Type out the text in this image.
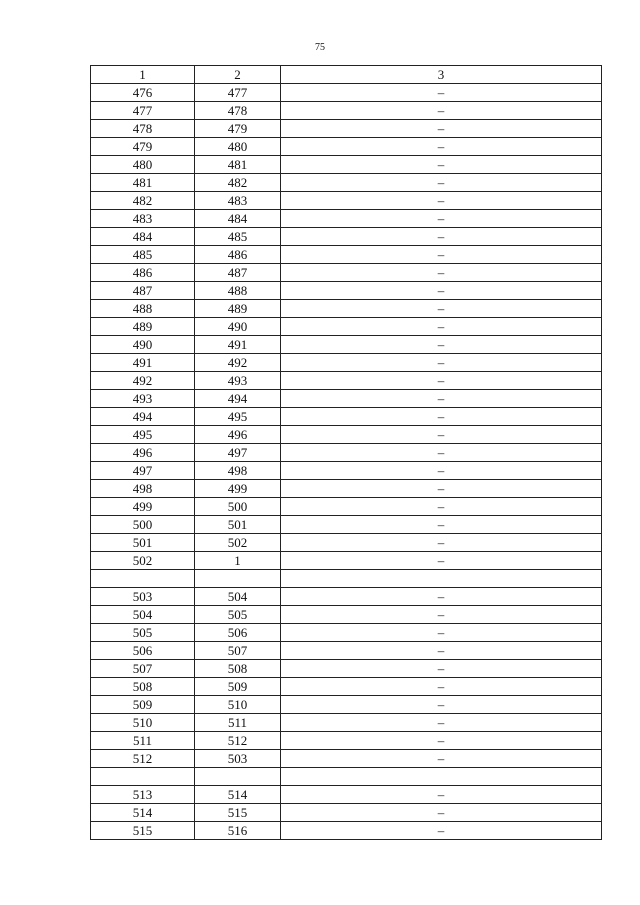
75
1	2	3
476	477	–
477	478	–
478	479	–
479	480	–
480	481	–
481	482	–
482	483	–
483	484	–
484	485	–
485	486	–
486	487	–
487	488	–
488	489	–
489	490	–
490	491	–
491	492	–
492	493	–
493	494	–
494	495	–
495	496	–
496	497	–
497	498	–
498	499	–
499	500	–
500	501	–
501	502	–
502	1	–

503	504	–
504	505	–
505	506	–
506	507	–
507	508	–
508	509	–
509	510	–
510	511	–
511	512	–
512	503	–

513	514	–
514	515	–
515	516	–
